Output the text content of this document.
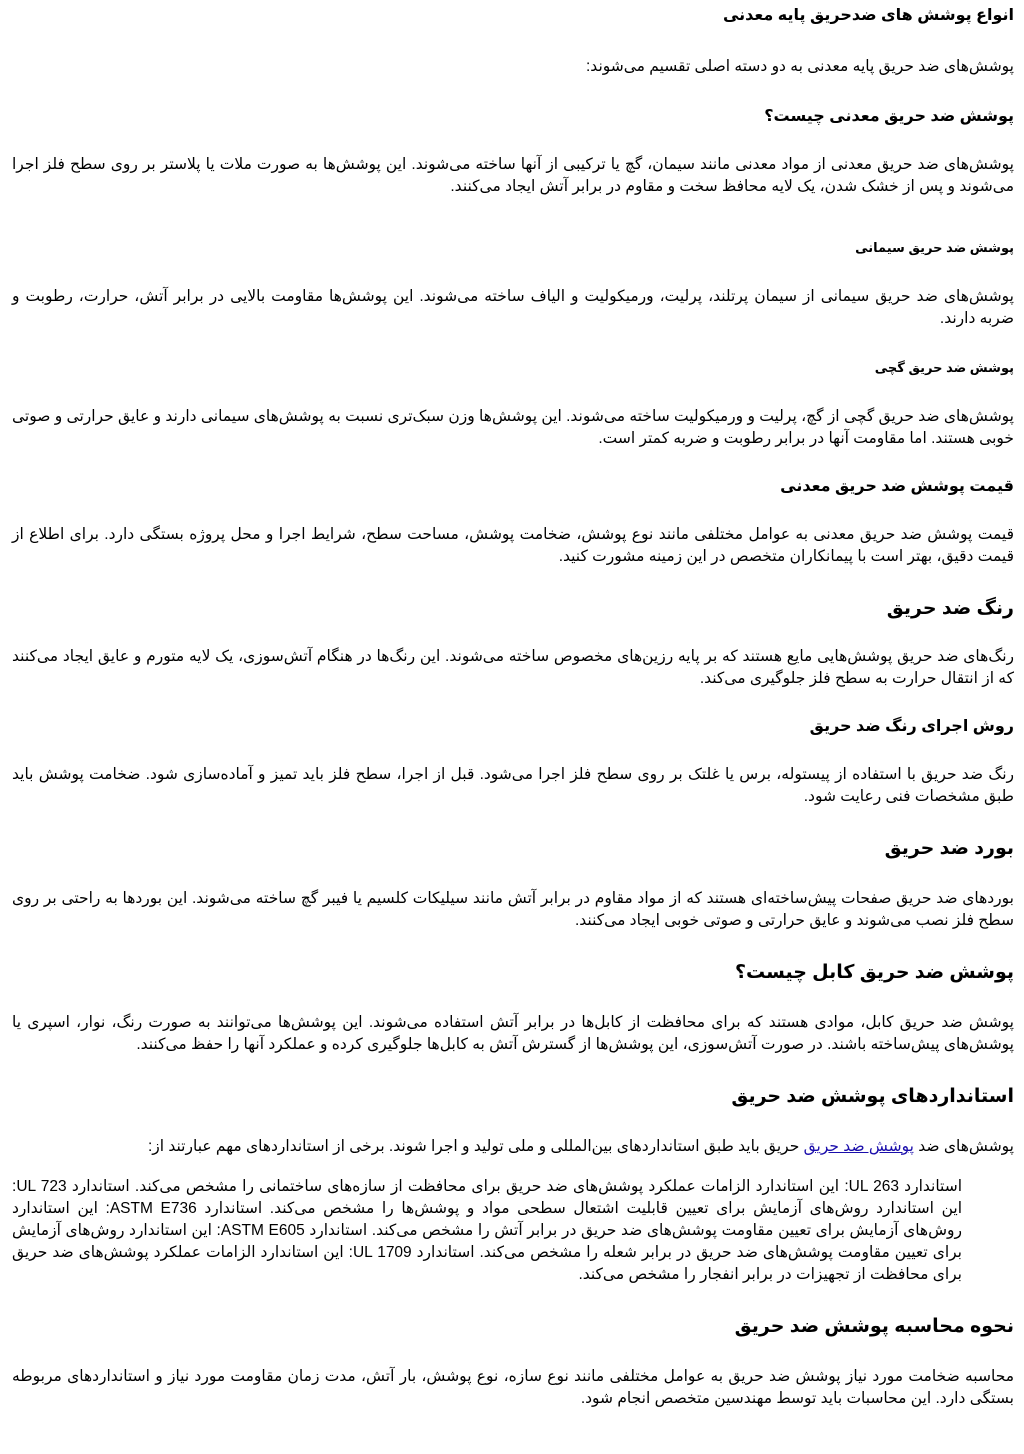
انواع پوشش های ضدحریق پایه معدنی

پوشش‌های ضد حریق پایه معدنی به دو دسته اصلی تقسیم می‌شوند:

پوشش ضد حریق معدنی چیست؟

پوشش‌های ضد حریق معدنی از مواد معدنی مانند سیمان، گچ یا ترکیبی از آنها ساخته می‌شوند. این پوشش‌ها به صورت ملات یا پلاستر بر روی سطح فلز اجرا می‌شوند و پس از خشک شدن، یک لایه محافظ سخت و مقاوم در برابر آتش ایجاد می‌کنند.

پوشش ضد حریق سیمانی

پوشش‌های ضد حریق سیمانی از سیمان پرتلند، پرلیت، ورمیکولیت و الیاف ساخته می‌شوند. این پوشش‌ها مقاومت بالایی در برابر آتش، حرارت، رطوبت و ضربه دارند.

پوشش ضد حریق گچی

پوشش‌های ضد حریق گچی از گچ، پرلیت و ورمیکولیت ساخته می‌شوند. این پوشش‌ها وزن سبک‌تری نسبت به پوشش‌های سیمانی دارند و عایق حرارتی و صوتی خوبی هستند. اما مقاومت آنها در برابر رطوبت و ضربه کمتر است.

قیمت پوشش ضد حریق معدنی

قیمت پوشش ضد حریق معدنی به عوامل مختلفی مانند نوع پوشش، ضخامت پوشش، مساحت سطح، شرایط اجرا و محل پروژه بستگی دارد. برای اطلاع از قیمت دقیق، بهتر است با پیمانکاران متخصص در این زمینه مشورت کنید.

رنگ ضد حریق

رنگ‌های ضد حریق پوشش‌هایی مایع هستند که بر پایه رزین‌های مخصوص ساخته می‌شوند. این رنگ‌ها در هنگام آتش‌سوزی، یک لایه متورم و عایق ایجاد می‌کنند که از انتقال حرارت به سطح فلز جلوگیری می‌کند.

روش اجرای رنگ ضد حریق

رنگ ضد حریق با استفاده از پیستوله، برس یا غلتک بر روی سطح فلز اجرا می‌شود. قبل از اجرا، سطح فلز باید تمیز و آماده‌سازی شود. ضخامت پوشش باید طبق مشخصات فنی رعایت شود.

بورد ضد حریق

بوردهای ضد حریق صفحات پیش‌ساخته‌ای هستند که از مواد مقاوم در برابر آتش مانند سیلیکات کلسیم یا فیبر گچ ساخته می‌شوند. این بوردها به راحتی بر روی سطح فلز نصب می‌شوند و عایق حرارتی و صوتی خوبی ایجاد می‌کنند.

پوشش ضد حریق کابل چیست؟

پوشش ضد حریق کابل، موادی هستند که برای محافظت از کابل‌ها در برابر آتش استفاده می‌شوند. این پوشش‌ها می‌توانند به صورت رنگ، نوار، اسپری یا پوشش‌های پیش‌ساخته باشند. در صورت آتش‌سوزی، این پوشش‌ها از گسترش آتش به کابل‌ها جلوگیری کرده و عملکرد آنها را حفظ می‌کنند.

استانداردهای پوشش ضد حریق

پوشش‌های ضد پوشش ضد حریق حریق باید طبق استانداردهای بین‌المللی و ملی تولید و اجرا شوند. برخی از استانداردهای مهم عبارتند از:

استاندارد UL 263: این استاندارد الزامات عملکرد پوشش‌های ضد حریق برای محافظت از سازه‌های ساختمانی را مشخص می‌کند. استاندارد UL 723: این استاندارد روش‌های آزمایش برای تعیین قابلیت اشتعال سطحی مواد و پوشش‌ها را مشخص می‌کند. استاندارد ASTM E736: این استاندارد روش‌های آزمایش برای تعیین مقاومت پوشش‌های ضد حریق در برابر آتش را مشخص می‌کند. استاندارد ASTM E605: این استاندارد روش‌های آزمایش برای تعیین مقاومت پوشش‌های ضد حریق در برابر شعله را مشخص می‌کند. استاندارد UL 1709: این استاندارد الزامات عملکرد پوشش‌های ضد حریق برای محافظت از تجهیزات در برابر انفجار را مشخص می‌کند.

نحوه محاسبه پوشش ضد حریق

محاسبه ضخامت مورد نیاز پوشش ضد حریق به عوامل مختلفی مانند نوع سازه، نوع پوشش، بار آتش، مدت زمان مقاومت مورد نیاز و استانداردهای مربوطه بستگی دارد. این محاسبات باید توسط مهندسین متخصص انجام شود.
